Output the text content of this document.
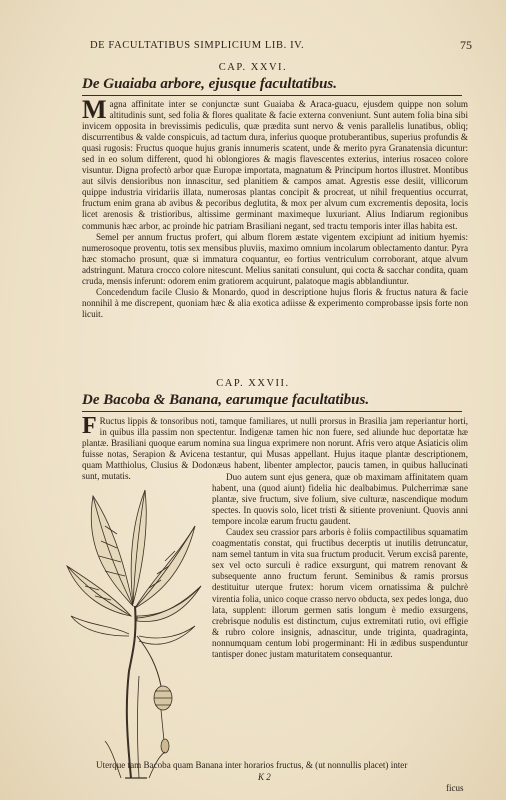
DE FACULTATIBUS SIMPLICIUM LIB. IV.	75
CAP. XXVI.
De Guaiaba arbore, ejusque facultatibus.

Magna affinitate inter se conjunctæ sunt Guaiaba & Araca-guacu, ejusdem quippe non solum altitudinis sunt, sed folia & flores qualitate & facie externa conveniunt. Sunt autem folia bina sibi invicem opposita in brevissimis pediculis, quæ prædita sunt nervo & venis parallelis lunatibus, obliq; discurrentibus & valde conspicuis, ad tactum dura, inferius quoque protuberantibus, superius profundis & quasi rugosis: Fructus quoque hujus granis innumeris scatent, unde & merito pyra Granatensia dicuntur: sed in eo solum different, quod hi oblongiores & magis flavescentes exterius, interius rosaceo colore visuntur. Digna profectò arbor quæ Europæ importata, magnatum & Principum hortos illustret. Montibus aut silvis densioribus non innascitur, sed planitiem & campos amat. Agrestis esse desiit, villicorum quippe industria viridariis illata, numerosas plantas concipit & procreat, ut nihil frequentius occurrat, fructum enim grana ab avibus & pecoribus deglutita, & mox per alvum cum excrementis deposita, locis licet arenosis & tristioribus, altissime germinant maximeque luxuriant. Alius Indiarum regionibus communis hæc arbor, ac proinde hic patriam Brasiliani negant, sed tractu temporis inter illas habita est.

Semel per annum fructus profert, qui album florem æstate vigentem excipiunt ad initium hyemis: numerosoque proventu, totis sex mensibus pluviis, maximo omnium incolarum oblectamento dantur. Pyra hæc stomacho prosunt, quæ si immatura coquantur, eo fortius ventriculum corroborant, atque alvum adstringunt. Matura crocco colore nitescunt. Melius sanitati consulunt, qui cocta & sacchar condita, quam cruda, mensis inferunt: odorem enim gratiorem acquirunt, palatoque magis abblandiuntur.

Concedendum facile Clusio & Monardo, quod in descriptione hujus floris & fructus natura & facie nonnihil à me discrepent, quoniam hæc & alia exotica adiisse & experimento comprobasse ipsis forte non licuit.

CAP. XXVII.
De Bacoba & Banana, earumque facultatibus.

F Ructus lippis & tonsoribus noti, tamque familiares, ut nulli prorsus in Brasilia jam reperiantur horti, in quibus illa passim non spectentur. Indigenæ tamen hic non fuere, sed aliunde huc deportatæ hæ plantæ. Brasiliani quoque earum nomina sua lingua exprimere non norunt. Afris vero atque Asiaticis olim fuisse notas, Serapion & Avicena testantur, qui Musas appellant. Hujus itaque plantæ descriptionem, quam Matthiolus, Clusius & Dodonæus habent, libenter amplector, paucis tamen, in quibus hallucinati sunt, mutatis.	Duo autem sunt ejus genera, quæ ob maximam affinitatem quam habent, una (quod aiunt) fidelia hic dealbabimus. Pulcherrimæ sane plantæ, sive fructum, sive folium, sive culturæ, nascendique modum spectes. In quovis solo, licet tristi & sitiente proveniunt. Quovis anni tempore incolæ earum fructu gaudent.

Caudex seu crassior pars arboris è foliis compactilibus squamatim coagmentatis constat, qui fructibus decerptis ut inutilis detruncatur, nam semel tantum in vita sua fructum producit. Verum excisâ parente, sex vel octo surculi è radice exsurgunt, qui matrem renovant & subsequente anno fructum ferunt. Seminibus & ramis prorsus destituitur uterque frutex: horum vicem ornatissima & pulchrè virentia folia, unico coque crasso nervo obducta, sex pedes longa, duo lata, supplent: illorum germen satis longum è medio exsurgens, crebrisque nodulis est distinctum, cujus extremitati rutio, ovi effigie & rubro colore insignis, adnascitur, unde triginta, quadraginta, nonnumquam centum lobi progerminant: Hi in ædibus suspenduntur tantisper donec justam maturitatem consequantur.

Uterque tam Bacoba quam Banana inter horarios fructus, & (ut nonnullis placet) inter

K 2
ficus
